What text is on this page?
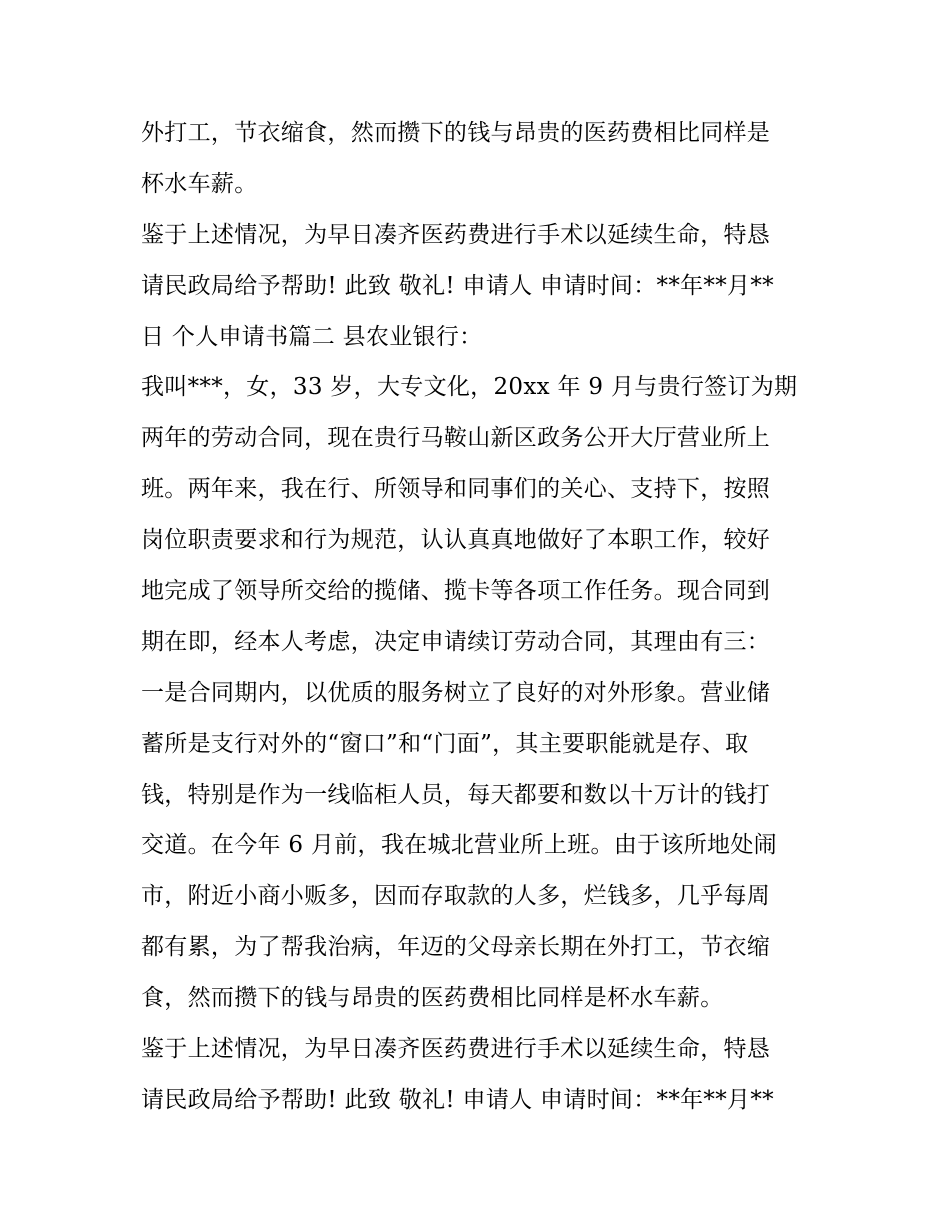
外打工，节衣缩食，然而攒下的钱与昂贵的医药费相比同样是
杯水车薪。
鉴于上述情况，为早日凑齐医药费进行手术以延续生命，特恳
请民政局给予帮助! 此致 敬礼! 申请人 申请时间：**年**月**
日 个人申请书篇二 县农业银行：
我叫***，女，33 岁，大专文化，20xx 年 9 月与贵行签订为期
两年的劳动合同，现在贵行马鞍山新区政务公开大厅营业所上
班。两年来，我在行、所领导和同事们的关心、支持下，按照
岗位职责要求和行为规范，认认真真地做好了本职工作，较好
地完成了领导所交给的揽储、揽卡等各项工作任务。现合同到
期在即，经本人考虑，决定申请续订劳动合同，其理由有三：
一是合同期内，以优质的服务树立了良好的对外形象。营业储
蓄所是支行对外的“窗口”和“门面”，其主要职能就是存、取
钱，特别是作为一线临柜人员，每天都要和数以十万计的钱打
交道。在今年 6 月前，我在城北营业所上班。由于该所地处闹
市，附近小商小贩多，因而存取款的人多，烂钱多，几乎每周
都有累，为了帮我治病，年迈的父母亲长期在外打工，节衣缩
食，然而攒下的钱与昂贵的医药费相比同样是杯水车薪。
鉴于上述情况，为早日凑齐医药费进行手术以延续生命，特恳
请民政局给予帮助! 此致 敬礼! 申请人 申请时间：**年**月**
